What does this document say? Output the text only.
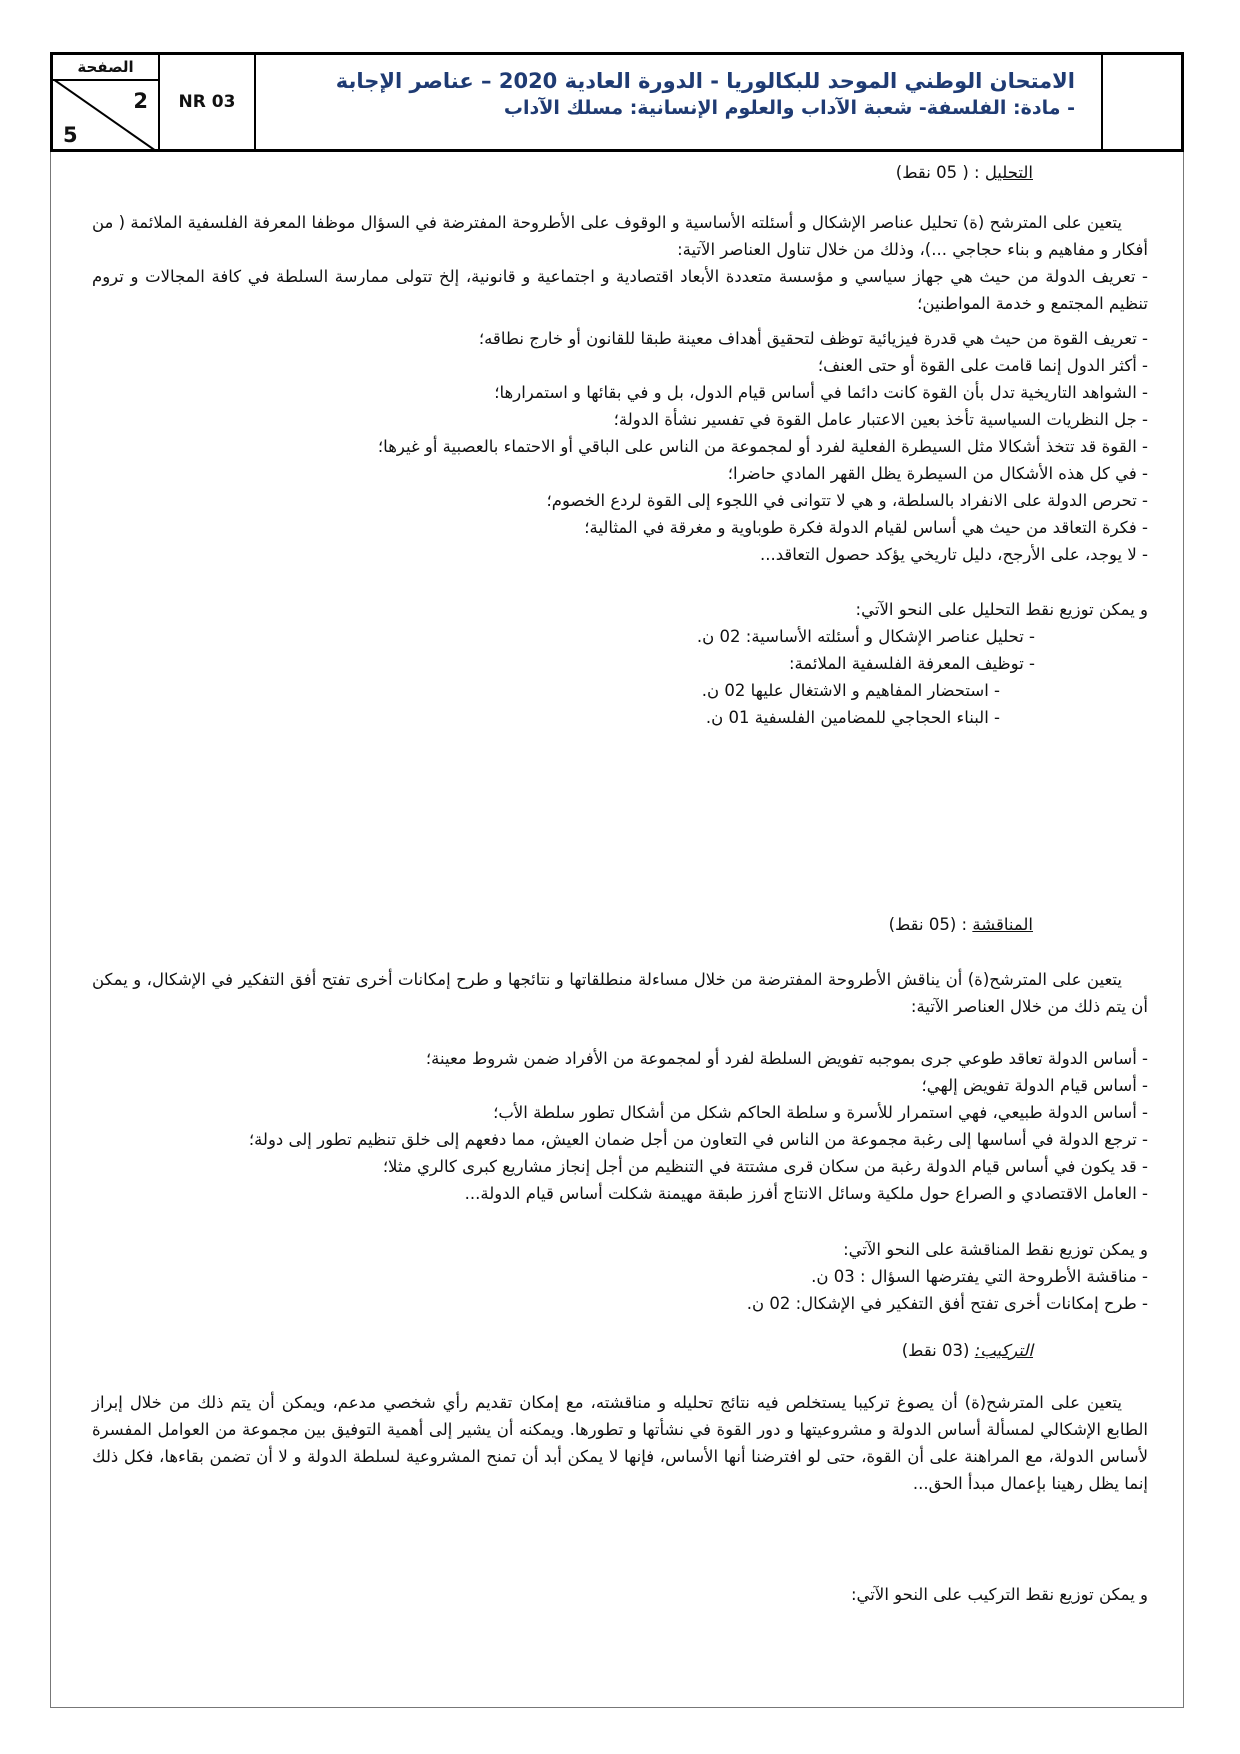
الصفحة
2
5
NR 03
الامتحان الوطني الموحد للبكالوريا - الدورة العادية 2020 – عناصر الإجابة
- مادة: الفلسفة- شعبة الآداب والعلوم الإنسانية: مسلك الآداب
التحليل : ( 05 نقط)
يتعين على المترشح (ة) تحليل عناصر الإشكال و أسئلته الأساسية و الوقوف على الأطروحة المفترضة في السؤال موظفا المعرفة الفلسفية الملائمة ( من أفكار و مفاهيم و بناء حجاجي ...)، وذلك من خلال تناول العناصر الآتية:
- تعريف الدولة من حيث هي جهاز سياسي و مؤسسة متعددة الأبعاد اقتصادية و اجتماعية و قانونية، إلخ تتولى ممارسة السلطة في كافة المجالات و تروم تنظيم المجتمع و خدمة المواطنين؛
- تعريف القوة من حيث هي قدرة فيزيائية توظف لتحقيق أهداف معينة طبقا للقانون أو خارج نطاقه؛
- أكثر الدول إنما قامت على القوة أو حتى العنف؛
- الشواهد التاريخية تدل بأن القوة كانت دائما في أساس قيام الدول، بل و في بقائها و استمرارها؛
- جل النظريات السياسية تأخذ بعين الاعتبار عامل القوة في تفسير نشأة الدولة؛
- القوة قد تتخذ أشكالا مثل السيطرة الفعلية لفرد أو لمجموعة من الناس على الباقي أو الاحتماء بالعصبية أو غيرها؛
- في كل هذه الأشكال من السيطرة يظل القهر المادي حاضرا؛
- تحرص الدولة على الانفراد بالسلطة، و هي لا تتوانى في اللجوء إلى القوة لردع الخصوم؛
- فكرة التعاقد من حيث هي أساس لقيام الدولة فكرة طوباوية و مغرقة في المثالية؛
- لا يوجد، على الأرجح، دليل تاريخي يؤكد حصول التعاقد...
و يمكن توزيع نقط التحليل على النحو الآتي:
- تحليل عناصر الإشكال و أسئلته الأساسية: 02 ن.
- توظيف المعرفة الفلسفية الملائمة:
- استحضار المفاهيم و الاشتغال عليها 02 ن.
- البناء الحجاجي للمضامين الفلسفية 01 ن.
المناقشة : (05 نقط)
يتعين على المترشح(ة) أن يناقش الأطروحة المفترضة من خلال مساءلة منطلقاتها و نتائجها و طرح إمكانات أخرى تفتح أفق التفكير في الإشكال، و يمكن أن يتم ذلك من خلال العناصر الآتية:
- أساس الدولة تعاقد طوعي جرى بموجبه تفويض السلطة لفرد أو لمجموعة من الأفراد ضمن شروط معينة؛
- أساس قيام الدولة تفويض إلهي؛
- أساس الدولة طبيعي، فهي استمرار للأسرة و سلطة الحاكم شكل من أشكال تطور سلطة الأب؛
- ترجع الدولة في أساسها إلى رغبة مجموعة من الناس في التعاون من أجل ضمان العيش، مما دفعهم إلى خلق تنظيم تطور إلى دولة؛
- قد يكون في أساس قيام الدولة رغبة من سكان قرى مشتتة في التنظيم من أجل إنجاز مشاريع كبرى كالري مثلا؛
- العامل الاقتصادي و الصراع حول ملكية وسائل الانتاج أفرز طبقة مهيمنة شكلت أساس قيام الدولة...
و يمكن توزيع نقط المناقشة على النحو الآتي:
- مناقشة الأطروحة التي يفترضها السؤال : 03 ن.
- طرح إمكانات أخرى تفتح أفق التفكير في الإشكال: 02 ن.
التركيب: (03 نقط)
يتعين على المترشح(ة) أن يصوغ تركيبا يستخلص فيه نتائج تحليله و مناقشته، مع إمكان تقديم رأي شخصي مدعم، ويمكن أن يتم ذلك من خلال إبراز الطابع الإشكالي لمسألة أساس الدولة و مشروعيتها و دور القوة في نشأتها و تطورها. ويمكنه أن يشير إلى أهمية التوفيق بين مجموعة من العوامل المفسرة لأساس الدولة، مع المراهنة على أن القوة، حتى لو افترضنا أنها الأساس، فإنها لا يمكن أبد أن تمنح المشروعية لسلطة الدولة و لا أن تضمن بقاءها، فكل ذلك إنما يظل رهينا بإعمال مبدأ الحق...
و يمكن توزيع نقط التركيب على النحو الآتي:
